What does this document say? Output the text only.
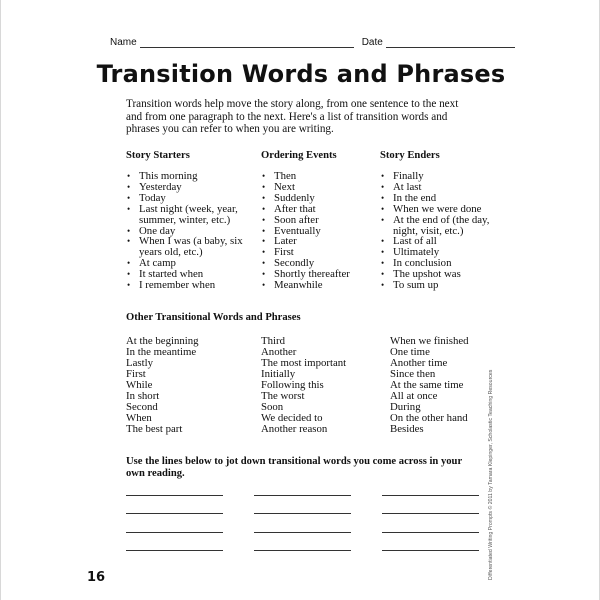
Name	Date
Transition Words and Phrases
Transition words help move the story along, from one sentence to the next and from one paragraph to the next. Here's a list of transition words and phrases you can refer to when you are writing.
Story Starters
• This morning
• Yesterday
• Today
• Last night (week, year, summer, winter, etc.)
• One day
• When I was (a baby, six years old, etc.)
• At camp
• It started when
• I remember when
Ordering Events
• Then
• Next
• Suddenly
• After that
• Soon after
• Eventually
• Later
• First
• Secondly
• Shortly thereafter
• Meanwhile
Story Enders
• Finally
• At last
• In the end
• When we were done
• At the end of (the day, night, visit, etc.)
• Last of all
• Ultimately
• In conclusion
• The upshot was
• To sum up
Other Transitional Words and Phrases
At the beginning
In the meantime
Lastly
First
While
In short
Second
When
The best part
Third
Another
The most important
Initially
Following this
The worst
Soon
We decided to
Another reason
When we finished
One time
Another time
Since then
At the same time
All at once
During
On the other hand
Besides
Use the lines below to jot down transitional words you come across in your own reading.
16	Differentiated Writing Prompts © 2011 by Tamara Klepinger, Scholastic Teaching Resources
